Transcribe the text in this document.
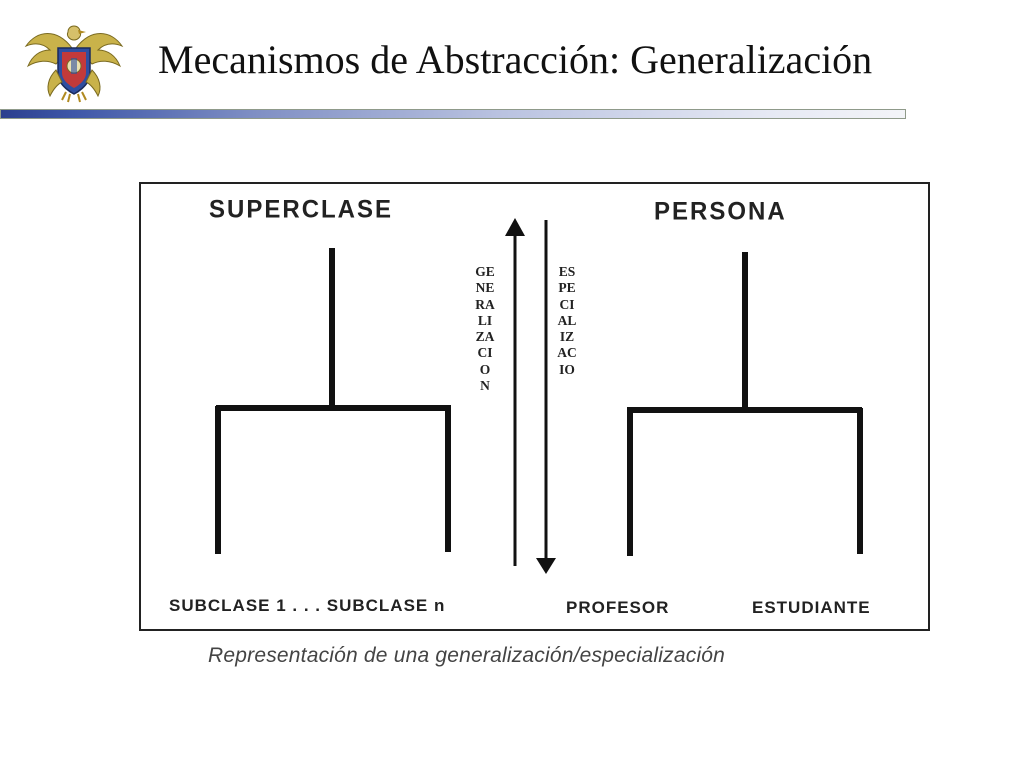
Mecanismos de Abstracción: Generalización
SUPERCLASE	PERSONA
GENERALIZACION
ESPECIALIZACIO
SUBCLASE 1 . . . SUBCLASE n	PROFESOR	ESTUDIANTE
Representación de una generalización/especialización
